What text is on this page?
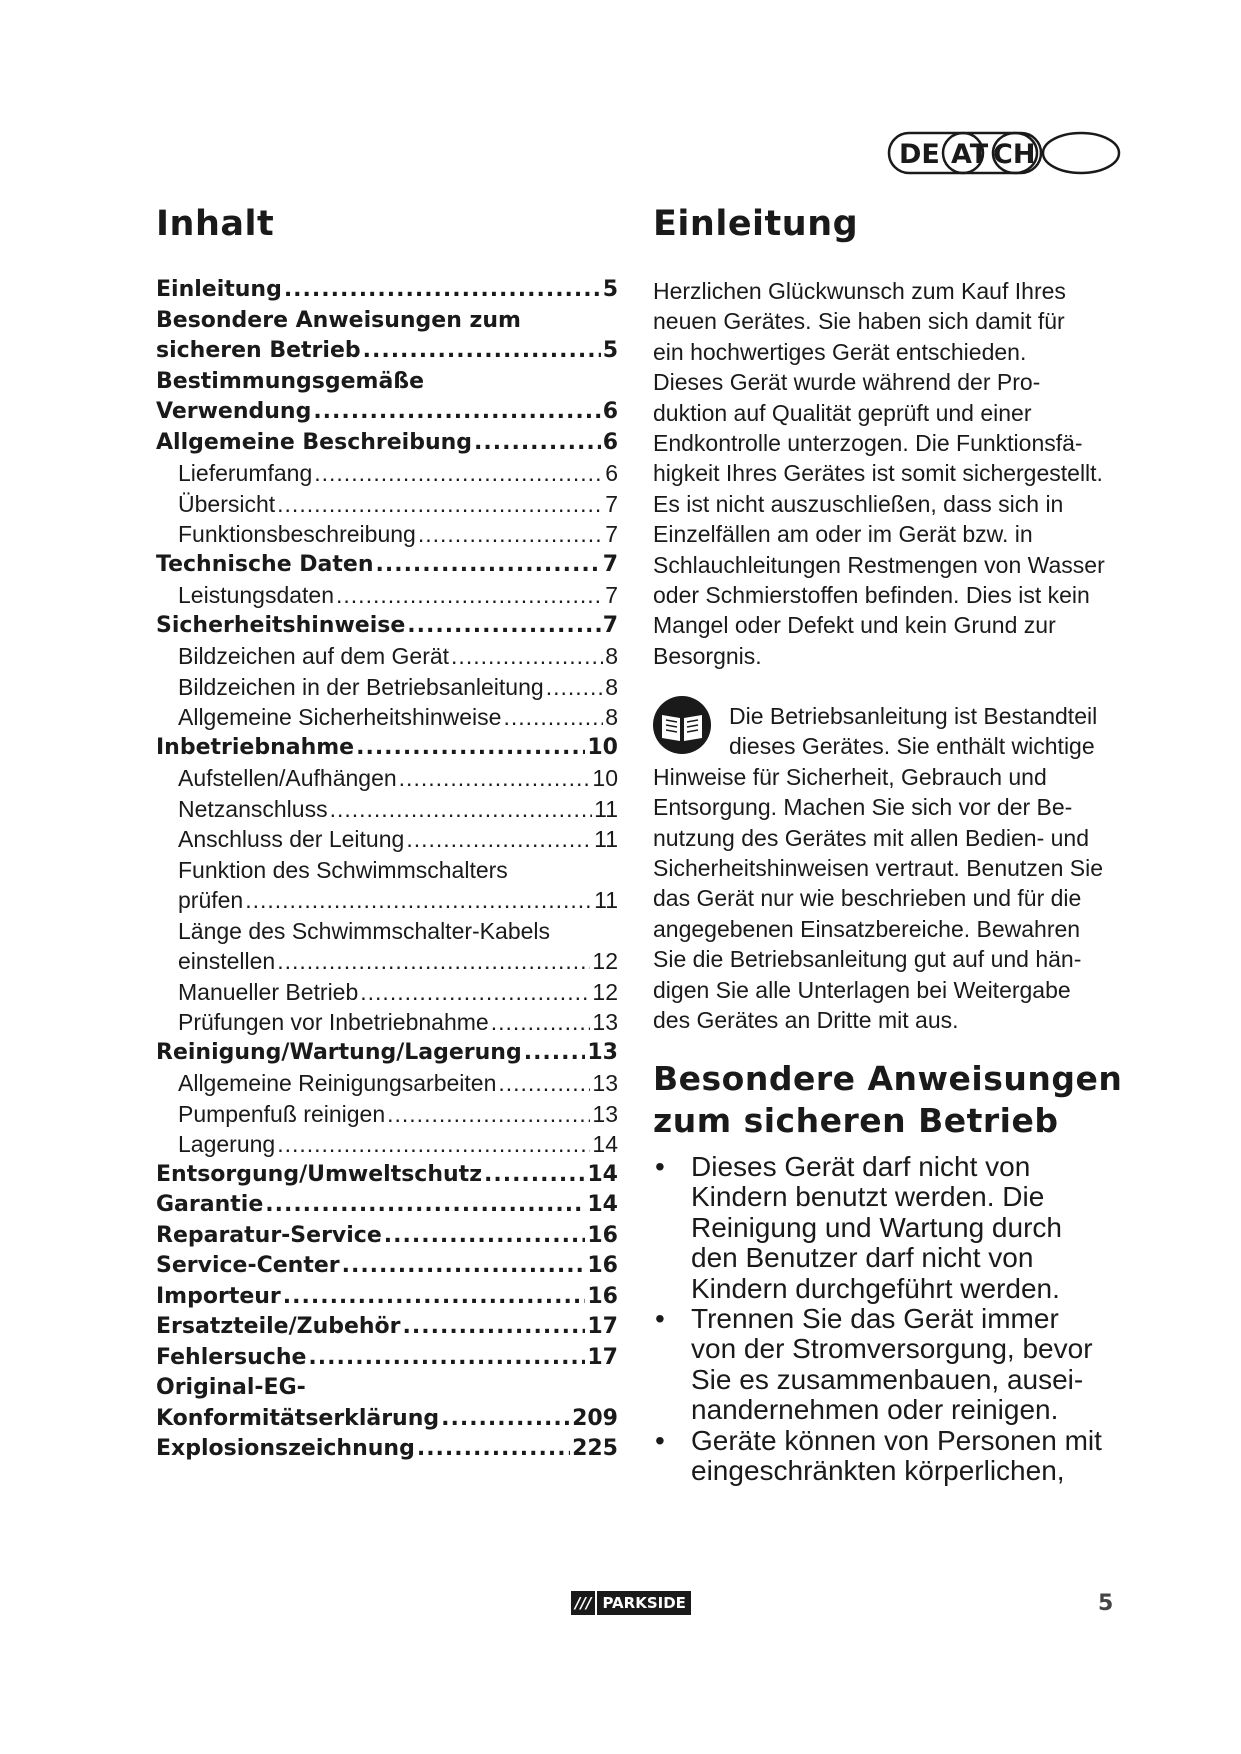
DE AT CH
Inhalt
Einleitung .....	5
Besondere Anweisungen zum
sicheren Betrieb .....	5
Bestimmungsgemäße
Verwendung .....	6
Allgemeine Beschreibung .....	6
Lieferumfang .....	6
Übersicht .....	7
Funktionsbeschreibung .....	7
Technische Daten .....	7
Leistungsdaten .....	7
Sicherheitshinweise .....	7
Bildzeichen auf dem Gerät .....	8
Bildzeichen in der Betriebsanleitung .....	8
Allgemeine Sicherheitshinweise .....	8
Inbetriebnahme .....	10
Aufstellen/Aufhängen .....	10
Netzanschluss .....	11
Anschluss der Leitung .....	11
Funktion des Schwimmschalters
prüfen .....	11
Länge des Schwimmschalter-Kabels
einstellen .....	12
Manueller Betrieb .....	12
Prüfungen vor Inbetriebnahme .....	13
Reinigung/Wartung/Lagerung .....	13
Allgemeine Reinigungsarbeiten .....	13
Pumpenfuß reinigen .....	13
Lagerung .....	14
Entsorgung/Umweltschutz .....	14
Garantie .....	14
Reparatur-Service .....	16
Service-Center .....	16
Importeur .....	16
Ersatzteile/Zubehör .....	17
Fehlersuche .....	17
Original-EG-
Konformitätserklärung .....	209
Explosionszeichnung .....	225
Einleitung
Herzlichen Glückwunsch zum Kauf Ihres
neuen Gerätes. Sie haben sich damit für
ein hochwertiges Gerät entschieden.
Dieses Gerät wurde während der Pro-
duktion auf Qualität geprüft und einer
Endkontrolle unterzogen. Die Funktionsfä-
higkeit Ihres Gerätes ist somit sichergestellt.
Es ist nicht auszuschließen, dass sich in
Einzelfällen am oder im Gerät bzw. in
Schlauchleitungen Restmengen von Wasser
oder Schmierstoffen befinden. Dies ist kein
Mangel oder Defekt und kein Grund zur
Besorgnis.
Die Betriebsanleitung ist Bestandteil
dieses Gerätes. Sie enthält wichtige
Hinweise für Sicherheit, Gebrauch und
Entsorgung. Machen Sie sich vor der Be-
nutzung des Gerätes mit allen Bedien- und
Sicherheitshinweisen vertraut. Benutzen Sie
das Gerät nur wie beschrieben und für die
angegebenen Einsatzbereiche. Bewahren
Sie die Betriebsanleitung gut auf und hän-
digen Sie alle Unterlagen bei Weitergabe
des Gerätes an Dritte mit aus.
Besondere Anweisungen
zum sicheren Betrieb
• Dieses Gerät darf nicht von
Kindern benutzt werden. Die
Reinigung und Wartung durch
den Benutzer darf nicht von
Kindern durchgeführt werden.
• Trennen Sie das Gerät immer
von der Stromversorgung, bevor
Sie es zusammenbauen, ausei-
nandernehmen oder reinigen.
• Geräte können von Personen mit
eingeschränkten körperlichen,
/// PARKSIDE	5
